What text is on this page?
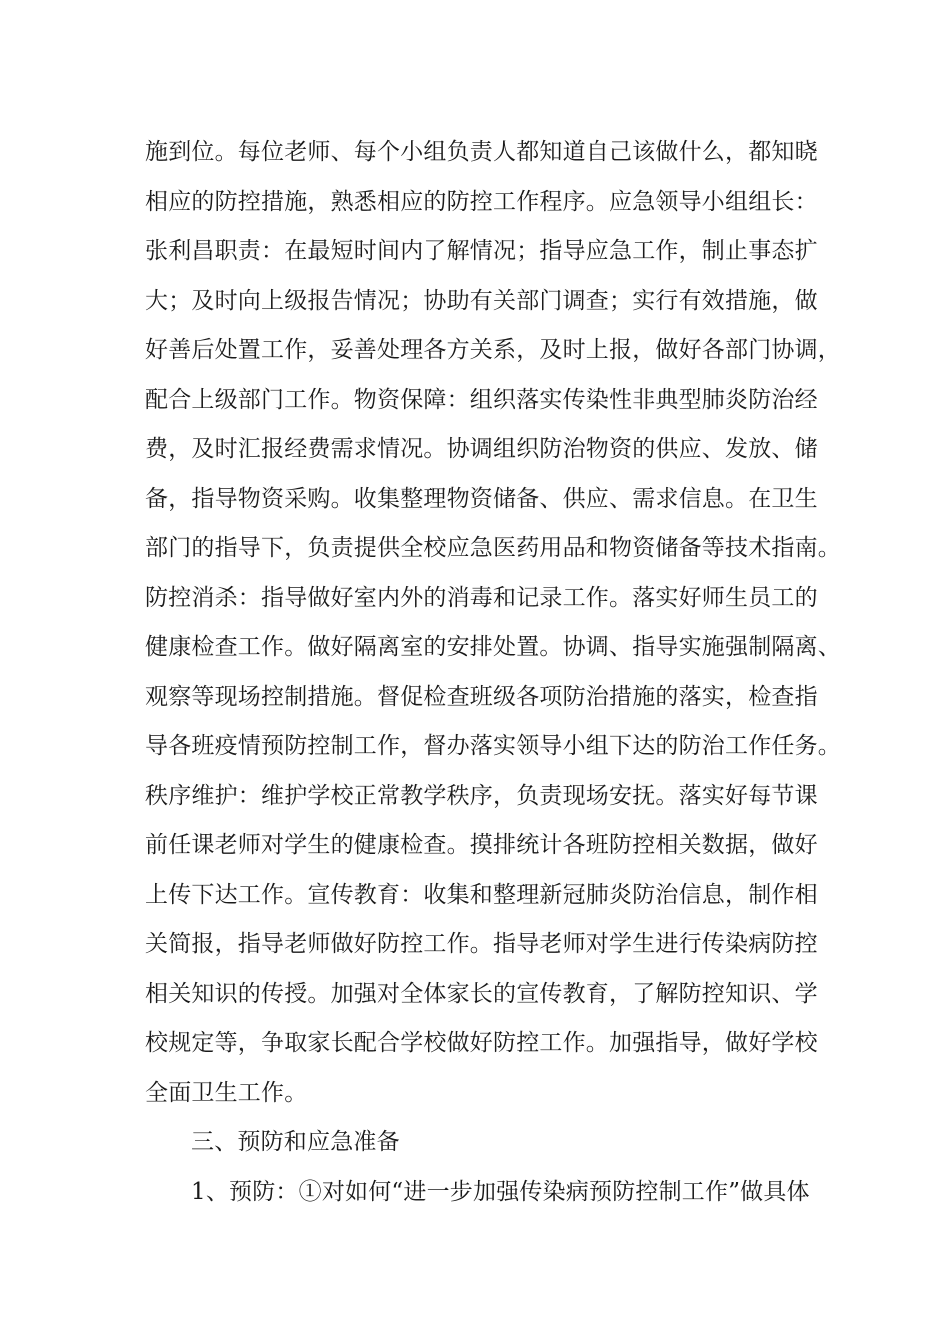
施到位。每位老师、每个小组负责人都知道自己该做什么，都知晓
相应的防控措施，熟悉相应的防控工作程序。应急领导小组组长：
张利昌职责：在最短时间内了解情况；指导应急工作，制止事态扩
大；及时向上级报告情况；协助有关部门调查；实行有效措施，做
好善后处置工作，妥善处理各方关系，及时上报，做好各部门协调，
配合上级部门工作。物资保障：组织落实传染性非典型肺炎防治经
费，及时汇报经费需求情况。协调组织防治物资的供应、发放、储
备，指导物资采购。收集整理物资储备、供应、需求信息。在卫生
部门的指导下，负责提供全校应急医药用品和物资储备等技术指南。
防控消杀：指导做好室内外的消毒和记录工作。落实好师生员工的
健康检查工作。做好隔离室的安排处置。协调、指导实施强制隔离、
观察等现场控制措施。督促检查班级各项防治措施的落实，检查指
导各班疫情预防控制工作，督办落实领导小组下达的防治工作任务。
秩序维护：维护学校正常教学秩序，负责现场安抚。落实好每节课
前任课老师对学生的健康检查。摸排统计各班防控相关数据，做好
上传下达工作。宣传教育：收集和整理新冠肺炎防治信息，制作相
关简报，指导老师做好防控工作。指导老师对学生进行传染病防控
相关知识的传授。加强对全体家长的宣传教育，了解防控知识、学
校规定等，争取家长配合学校做好防控工作。加强指导，做好学校
全面卫生工作。
三、预防和应急准备
1、预防：①对如何“进一步加强传染病预防控制工作”做具体
